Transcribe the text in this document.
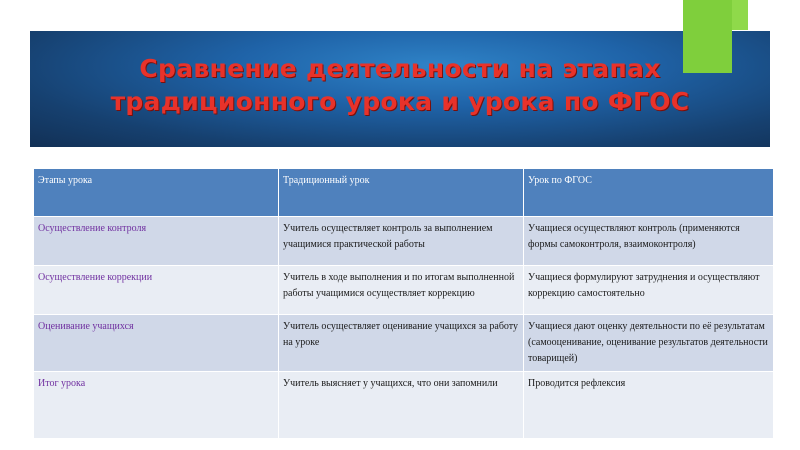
Сравнение деятельности на этапах
традиционного урока и урока по ФГОС
Этапы урока	Традиционный урок	Урок по ФГОС
Осуществление контроля	Учитель осуществляет контроль за выполнением учащимися практической работы	Учащиеся осуществляют контроль (применяются формы самоконтроля, взаимоконтроля)
Осуществление коррекции	Учитель в ходе выполнения и по итогам выполненной работы учащимися осуществляет коррекцию	Учащиеся формулируют затруднения и осуществляют коррекцию самостоятельно
Оценивание учащихся	Учитель осуществляет оценивание учащихся за работу на уроке	Учащиеся дают оценку деятельности по её результатам (самооценивание, оценивание результатов деятельности товарищей)
Итог урока	Учитель выясняет у учащихся, что они запомнили	Проводится рефлексия
